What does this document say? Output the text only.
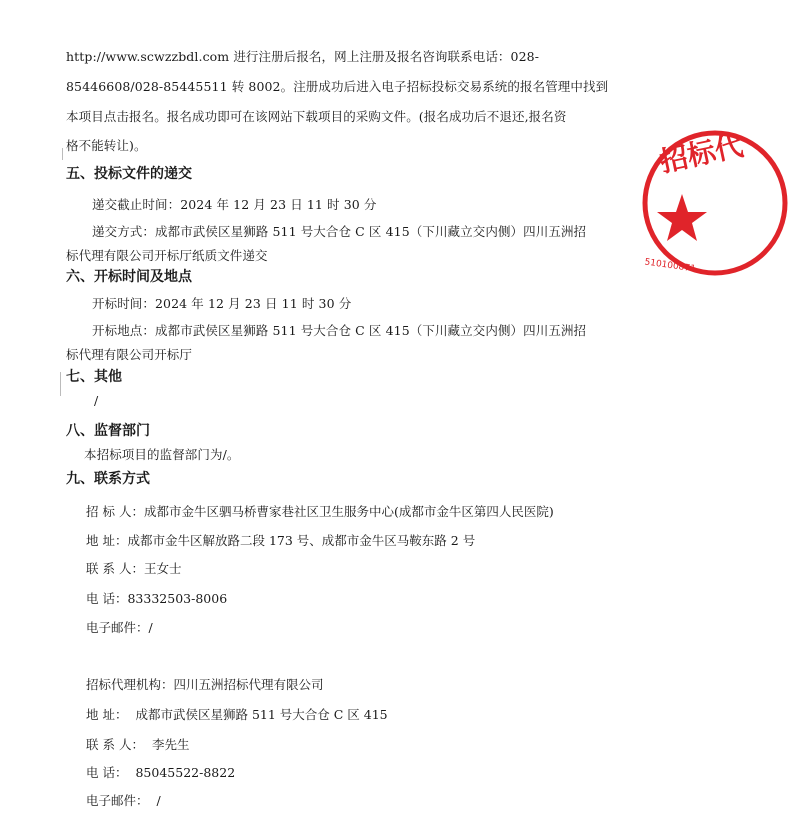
http://www.scwzzbdl.com 进行注册后报名，网上注册及报名咨询联系电话：028-
85446608/028-85445511 转 8002。注册成功后进入电子招标投标交易系统的报名管理中找到
本项目点击报名。报名成功即可在该网站下载项目的采购文件。(报名成功后不退还,报名资
格不能转让)。
五、投标文件的递交
递交截止时间：2024 年 12 月 23 日 11 时 30 分
递交方式：成都市武侯区星狮路 511 号大合仓 C 区 415（下川藏立交内侧）四川五洲招
标代理有限公司开标厅纸质文件递交
六、开标时间及地点
开标时间：2024 年 12 月 23 日 11 时 30 分
开标地点：成都市武侯区星狮路 511 号大合仓 C 区 415（下川藏立交内侧）四川五洲招
标代理有限公司开标厅
七、其他
/
八、监督部门
本招标项目的监督部门为/。
九、联系方式
招 标 人：成都市金牛区驷马桥曹家巷社区卫生服务中心(成都市金牛区第四人民医院)
地 址：成都市金牛区解放路二段 173 号、成都市金牛区马鞍东路 2 号
联 系 人：王女士
电 话：83332503-8006
电子邮件：/
招标代理机构：四川五洲招标代理有限公司
地 址： 成都市武侯区星狮路 511 号大合仓 C 区 415
联 系 人： 李先生
电 话： 85045522-8822
电子邮件： /
招标代
510100871
